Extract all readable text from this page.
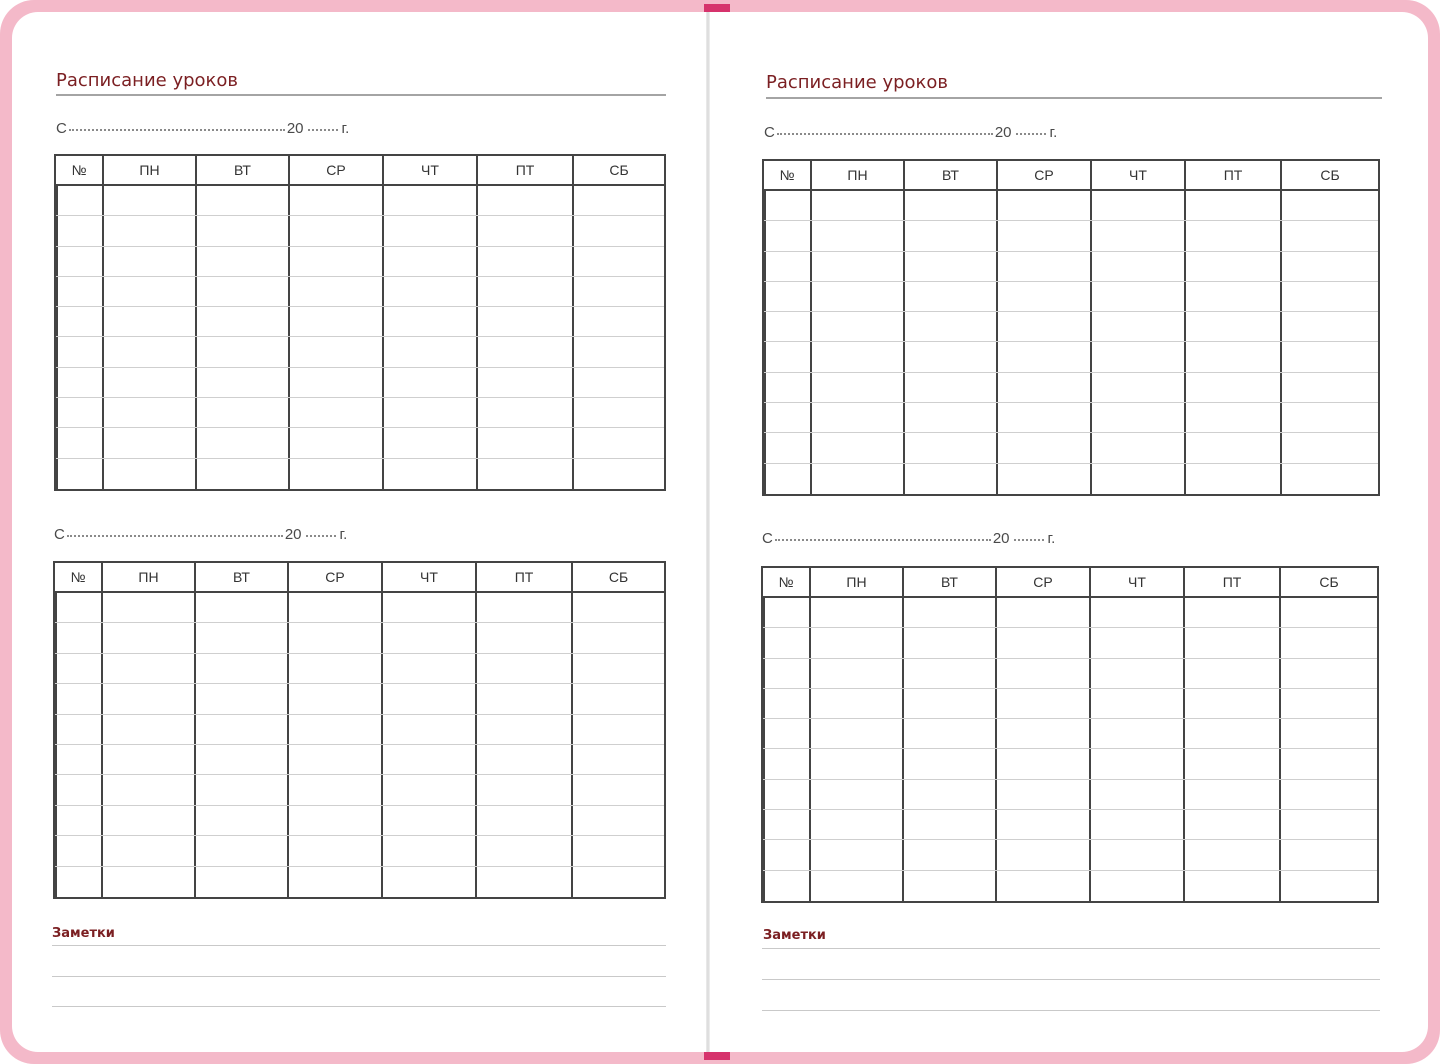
Расписание уроков
С	20	г.
№	ПН	ВТ	СР	ЧТ	ПТ	СБ
С	20	г.
№	ПН	ВТ	СР	ЧТ	ПТ	СБ
Заметки
Расписание уроков
С	20	г.
№	ПН	ВТ	СР	ЧТ	ПТ	СБ
С	20	г.
№	ПН	ВТ	СР	ЧТ	ПТ	СБ
Заметки
